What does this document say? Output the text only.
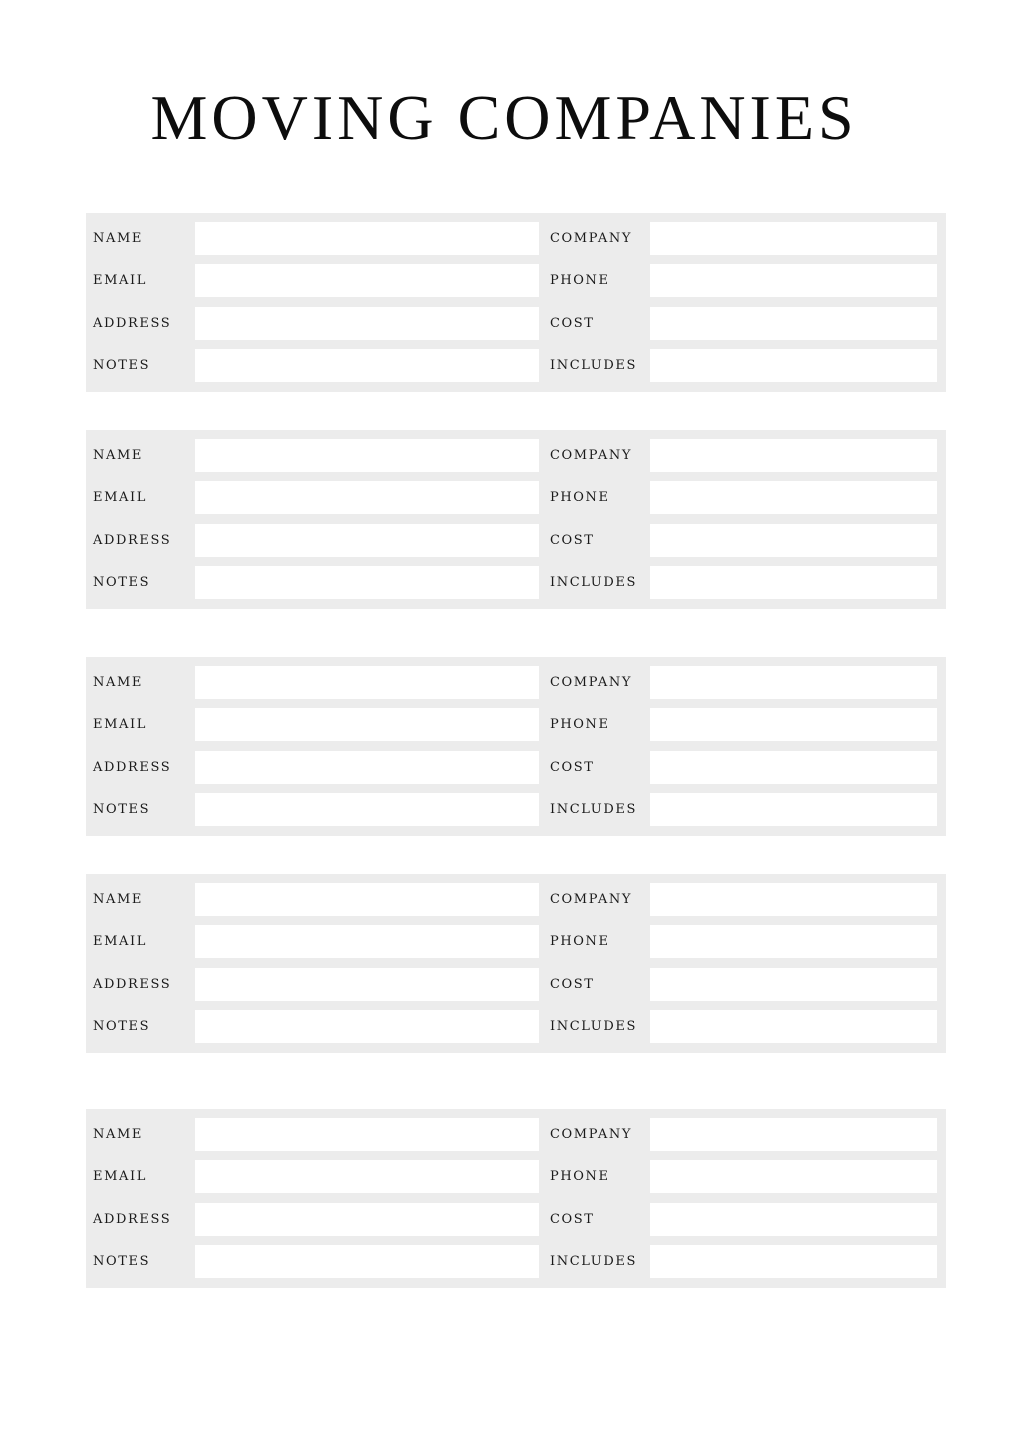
MOVING COMPANIES
NAME	COMPANY
EMAIL	PHONE
ADDRESS	COST
NOTES	INCLUDES
NAME	COMPANY
EMAIL	PHONE
ADDRESS	COST
NOTES	INCLUDES
NAME	COMPANY
EMAIL	PHONE
ADDRESS	COST
NOTES	INCLUDES
NAME	COMPANY
EMAIL	PHONE
ADDRESS	COST
NOTES	INCLUDES
NAME	COMPANY
EMAIL	PHONE
ADDRESS	COST
NOTES	INCLUDES
